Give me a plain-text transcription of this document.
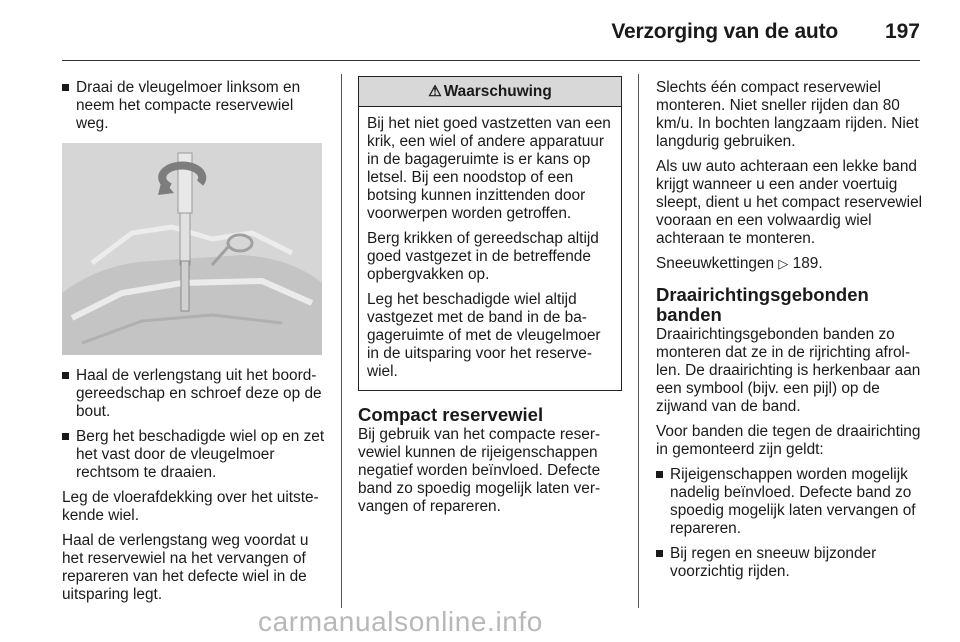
Verzorging van de auto 197
Draai de vleugelmoer linksom en neem het compacte reservewiel weg.
Haal de verlengstang uit het boordgereedschap en schroef deze op de bout.
Berg het beschadigde wiel op en zet het vast door de vleugelmoer rechtsom te draaien.

Leg de vloerafdekking over het uitstekende wiel.

Haal de verlengstang weg voordat u het reservewiel na het vervangen of repareren van het defecte wiel in de uitsparing legt.

⚠ Waarschuwing

Bij het niet goed vastzetten van een krik, een wiel of andere apparatuur in de bagageruimte is er kans op letsel. Bij een noodstop of een botsing kunnen inzittenden door voorwerpen worden getroffen.

Berg krikken of gereedschap altijd goed vastgezet in de betreffende opbergvakken op.

Leg het beschadigde wiel altijd vastgezet met de band in de bagageruimte of met de vleugelmoer in de uitsparing voor het reservewiel.

Compact reservewiel

Bij gebruik van het compacte reservewiel kunnen de rijeigenschappen negatief worden beïnvloed. Defecte band zo spoedig mogelijk laten vervangen of repareren.

Slechts één compact reservewiel monteren. Niet sneller rijden dan 80 km/u. In bochten langzaam rijden. Niet langdurig gebruiken.

Als uw auto achteraan een lekke band krijgt wanneer u een ander voertuig sleept, dient u het compact reservewiel vooraan en een volwaardig wiel achteraan te monteren.

Sneeuwkettingen ▷ 189.

Draairichtingsgebonden banden

Draairichtingsgebonden banden zo monteren dat ze in de rijrichting afrollen. De draairichting is herkenbaar aan een symbool (bijv. een pijl) op de zijwand van de band.

Voor banden die tegen de draairichting in gemonteerd zijn geldt:

Rijeigenschappen worden mogelijk nadelig beïnvloed. Defecte band zo spoedig mogelijk laten vervangen of repareren.
Bij regen en sneeuw bijzonder voorzichtig rijden.
carmanualsonline.info
